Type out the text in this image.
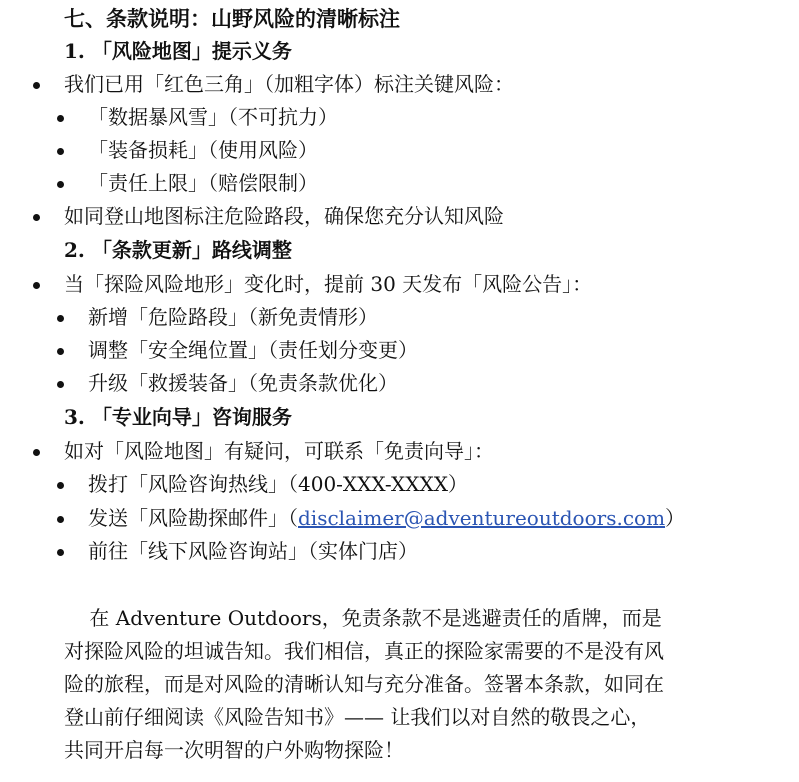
七、条款说明：山野风险的清晰标注
1. 「风险地图」提示义务
我们已用「红色三角」（加粗字体）标注关键风险：
「数据暴风雪」（不可抗力）
「装备损耗」（使用风险）
「责任上限」（赔偿限制）
如同登山地图标注危险路段，确保您充分认知风险
2. 「条款更新」路线调整
当「探险风险地形」变化时，提前 30 天发布「风险公告」：
新增「危险路段」（新免责情形）
调整「安全绳位置」（责任划分变更）
升级「救援装备」（免责条款优化）
3. 「专业向导」咨询服务
如对「风险地图」有疑问，可联系「免责向导」：
拨打「风险咨询热线」（400-XXX-XXXX）
发送「风险勘探邮件」（disclaimer@adventureoutdoors.com）
前往「线下风险咨询站」（实体门店）
在 Adventure Outdoors，免责条款不是逃避责任的盾牌，而是
对探险风险的坦诚告知。我们相信，真正的探险家需要的不是没有风
险的旅程，而是对风险的清晰认知与充分准备。签署本条款，如同在
登山前仔细阅读《风险告知书》—— 让我们以对自然的敬畏之心，
共同开启每一次明智的户外购物探险！
